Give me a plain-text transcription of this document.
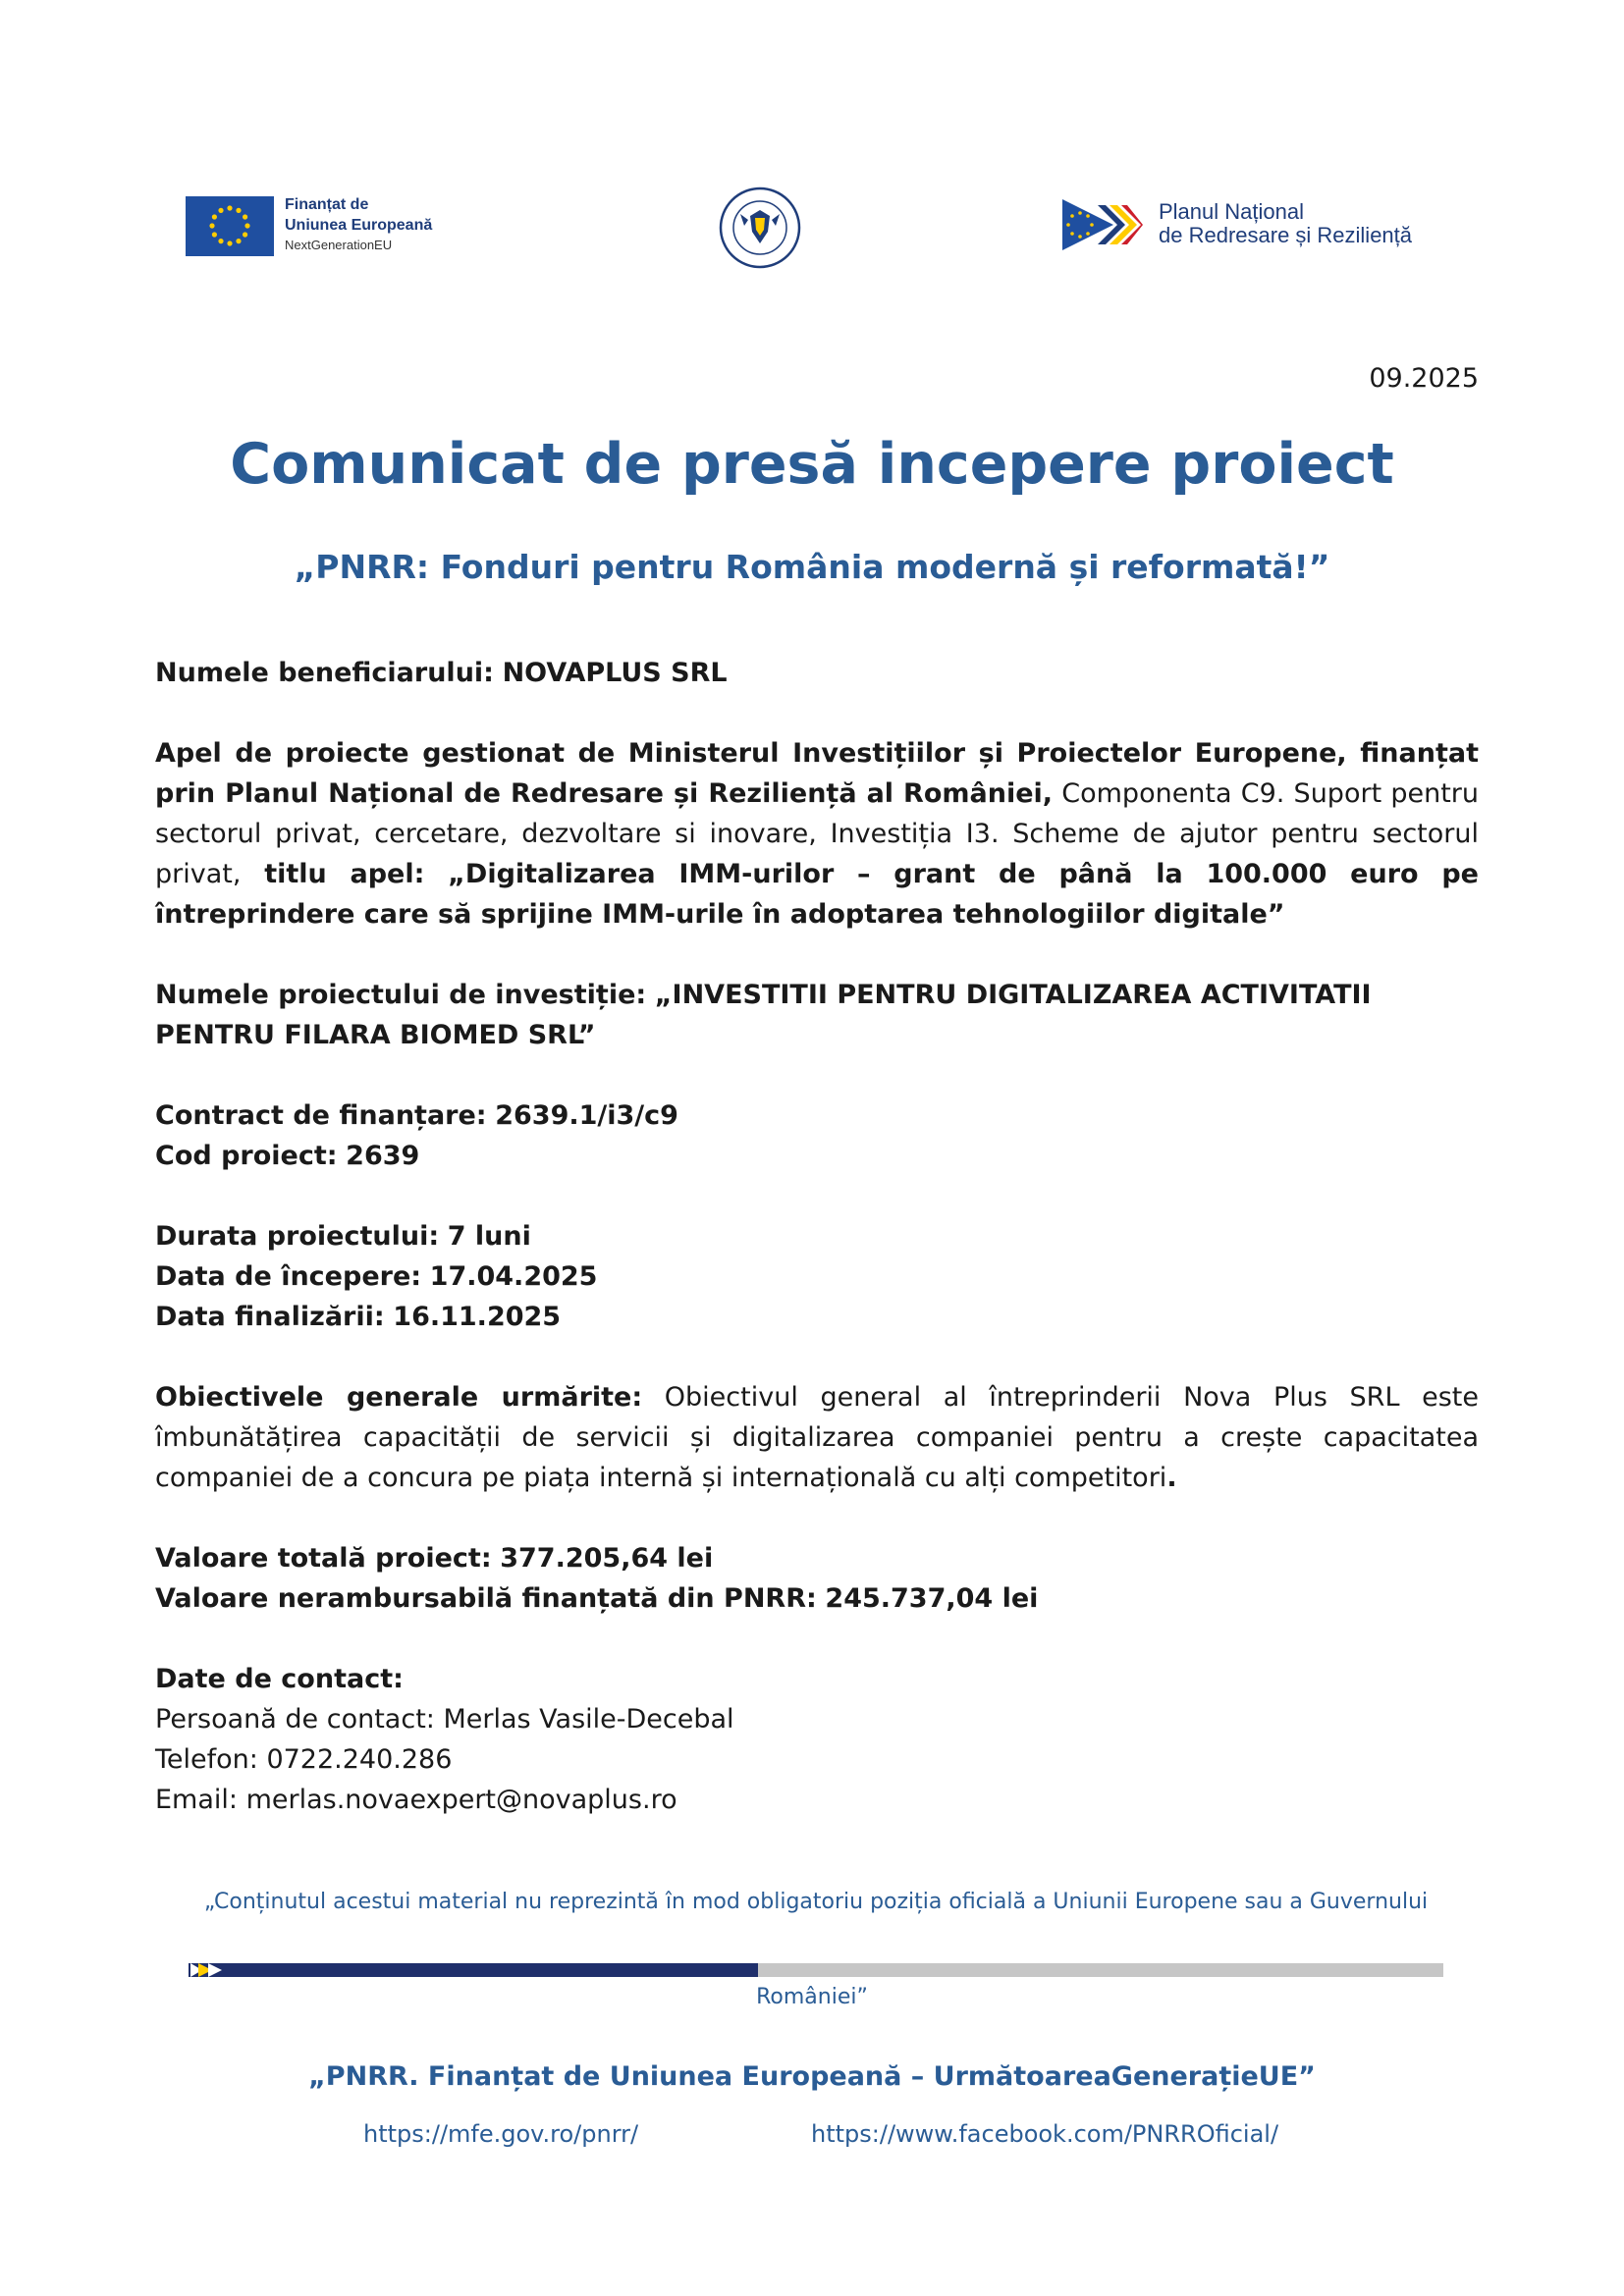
Finanțat de
Uniunea Europeană
NextGenerationEU
Planul Național
de Redresare și Reziliență
09.2025
Comunicat de presă incepere proiect
„PNRR: Fonduri pentru România modernă și reformată!”

Numele beneficiarului: NOVAPLUS SRL

Apel de proiecte gestionat de Ministerul Investițiilor și Proiectelor Europene, finanțat prin Planul Național de Redresare și Reziliență al României, Componenta C9. Suport pentru sectorul privat, cercetare, dezvoltare si inovare, Investiția I3. Scheme de ajutor pentru sectorul privat, titlu apel: „Digitalizarea IMM-urilor – grant de până la 100.000 euro pe întreprindere care să sprijine IMM-urile în adoptarea tehnologiilor digitale”

Numele proiectului de investiție: „INVESTITII PENTRU DIGITALIZAREA ACTIVITATII PENTRU FILARA BIOMED SRL”

Contract de finanțare: 2639.1/i3/c9
Cod proiect: 2639

Durata proiectului: 7 luni
Data de începere: 17.04.2025
Data finalizării: 16.11.2025

Obiectivele generale urmărite: Obiectivul general al întreprinderii Nova Plus SRL este îmbunătățirea capacității de servicii și digitalizarea companiei pentru a crește capacitatea companiei de a concura pe piața internă și internațională cu alți competitori.

Valoare totală proiect: 377.205,64 lei
Valoare nerambursabilă finanțată din PNRR: 245.737,04 lei

Date de contact:
Persoană de contact: Merlas Vasile-Decebal
Telefon: 0722.240.286
Email: merlas.novaexpert@novaplus.ro

„Conținutul acestui material nu reprezintă în mod obligatoriu poziția oficială a Uniunii Europene sau a Guvernului
României”
„PNRR. Finanțat de Uniunea Europeană – UrmătoareaGenerațieUE”
https://mfe.gov.ro/pnrr/	https://www.facebook.com/PNRROficial/
